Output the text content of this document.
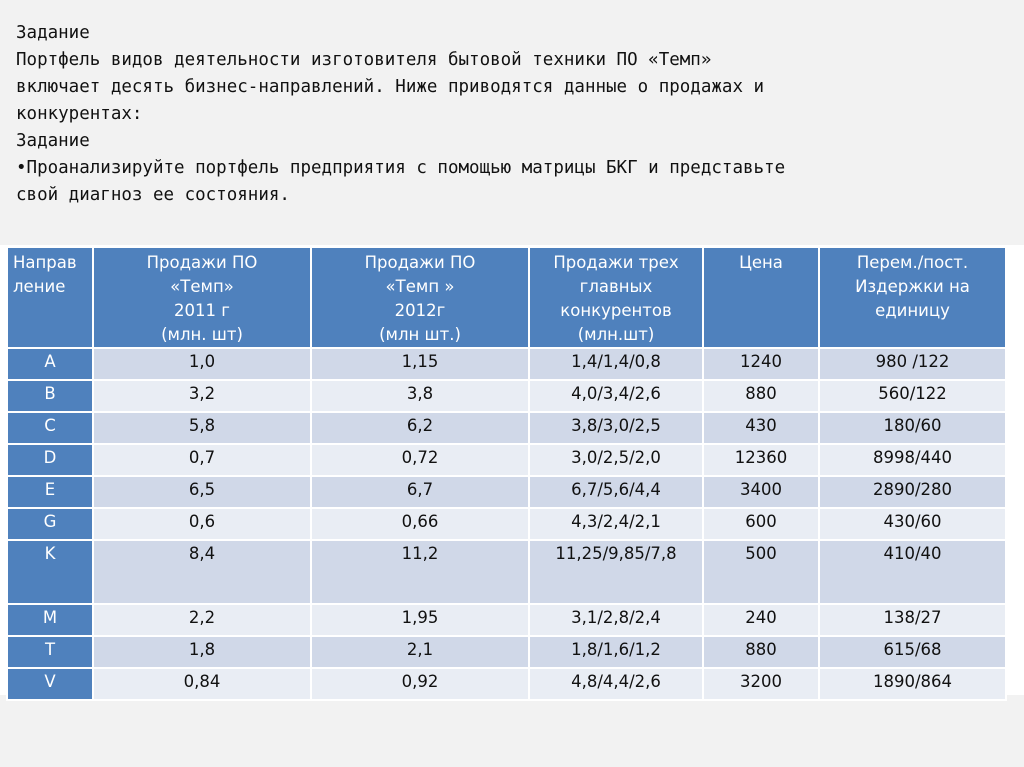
Задание
Портфель видов деятельности изготовителя бытовой техники ПО «Темп»
включает десять бизнес-направлений. Ниже приводятся данные о продажах и
конкурентах:
Задание
•Проанализируйте портфель предприятия с помощью матрицы БКГ и представьте
свой диагноз ее состояния.
Направ
ление	Продажи ПО
«Темп»
2011 г
(млн. шт)	Продажи ПО
«Темп »
2012г
(млн шт.)	Продажи трех
главных
конкурентов
(млн.шт)	Цена	Перем./пост.
Издержки на
единицу

A	1,0	1,15	1,4/1,4/0,8	1240	980 /122
B	3,2	3,8	4,0/3,4/2,6	880	560/122
C	5,8	6,2	3,8/3,0/2,5	430	180/60
D	0,7	0,72	3,0/2,5/2,0	12360	8998/440
E	6,5	6,7	6,7/5,6/4,4	3400	2890/280
G	0,6	0,66	4,3/2,4/2,1	600	430/60
K	8,4	11,2	11,25/9,85/7,8	500	410/40
M	2,2	1,95	3,1/2,8/2,4	240	138/27
T	1,8	2,1	1,8/1,6/1,2	880	615/68
V	0,84	0,92	4,8/4,4/2,6	3200	1890/864
